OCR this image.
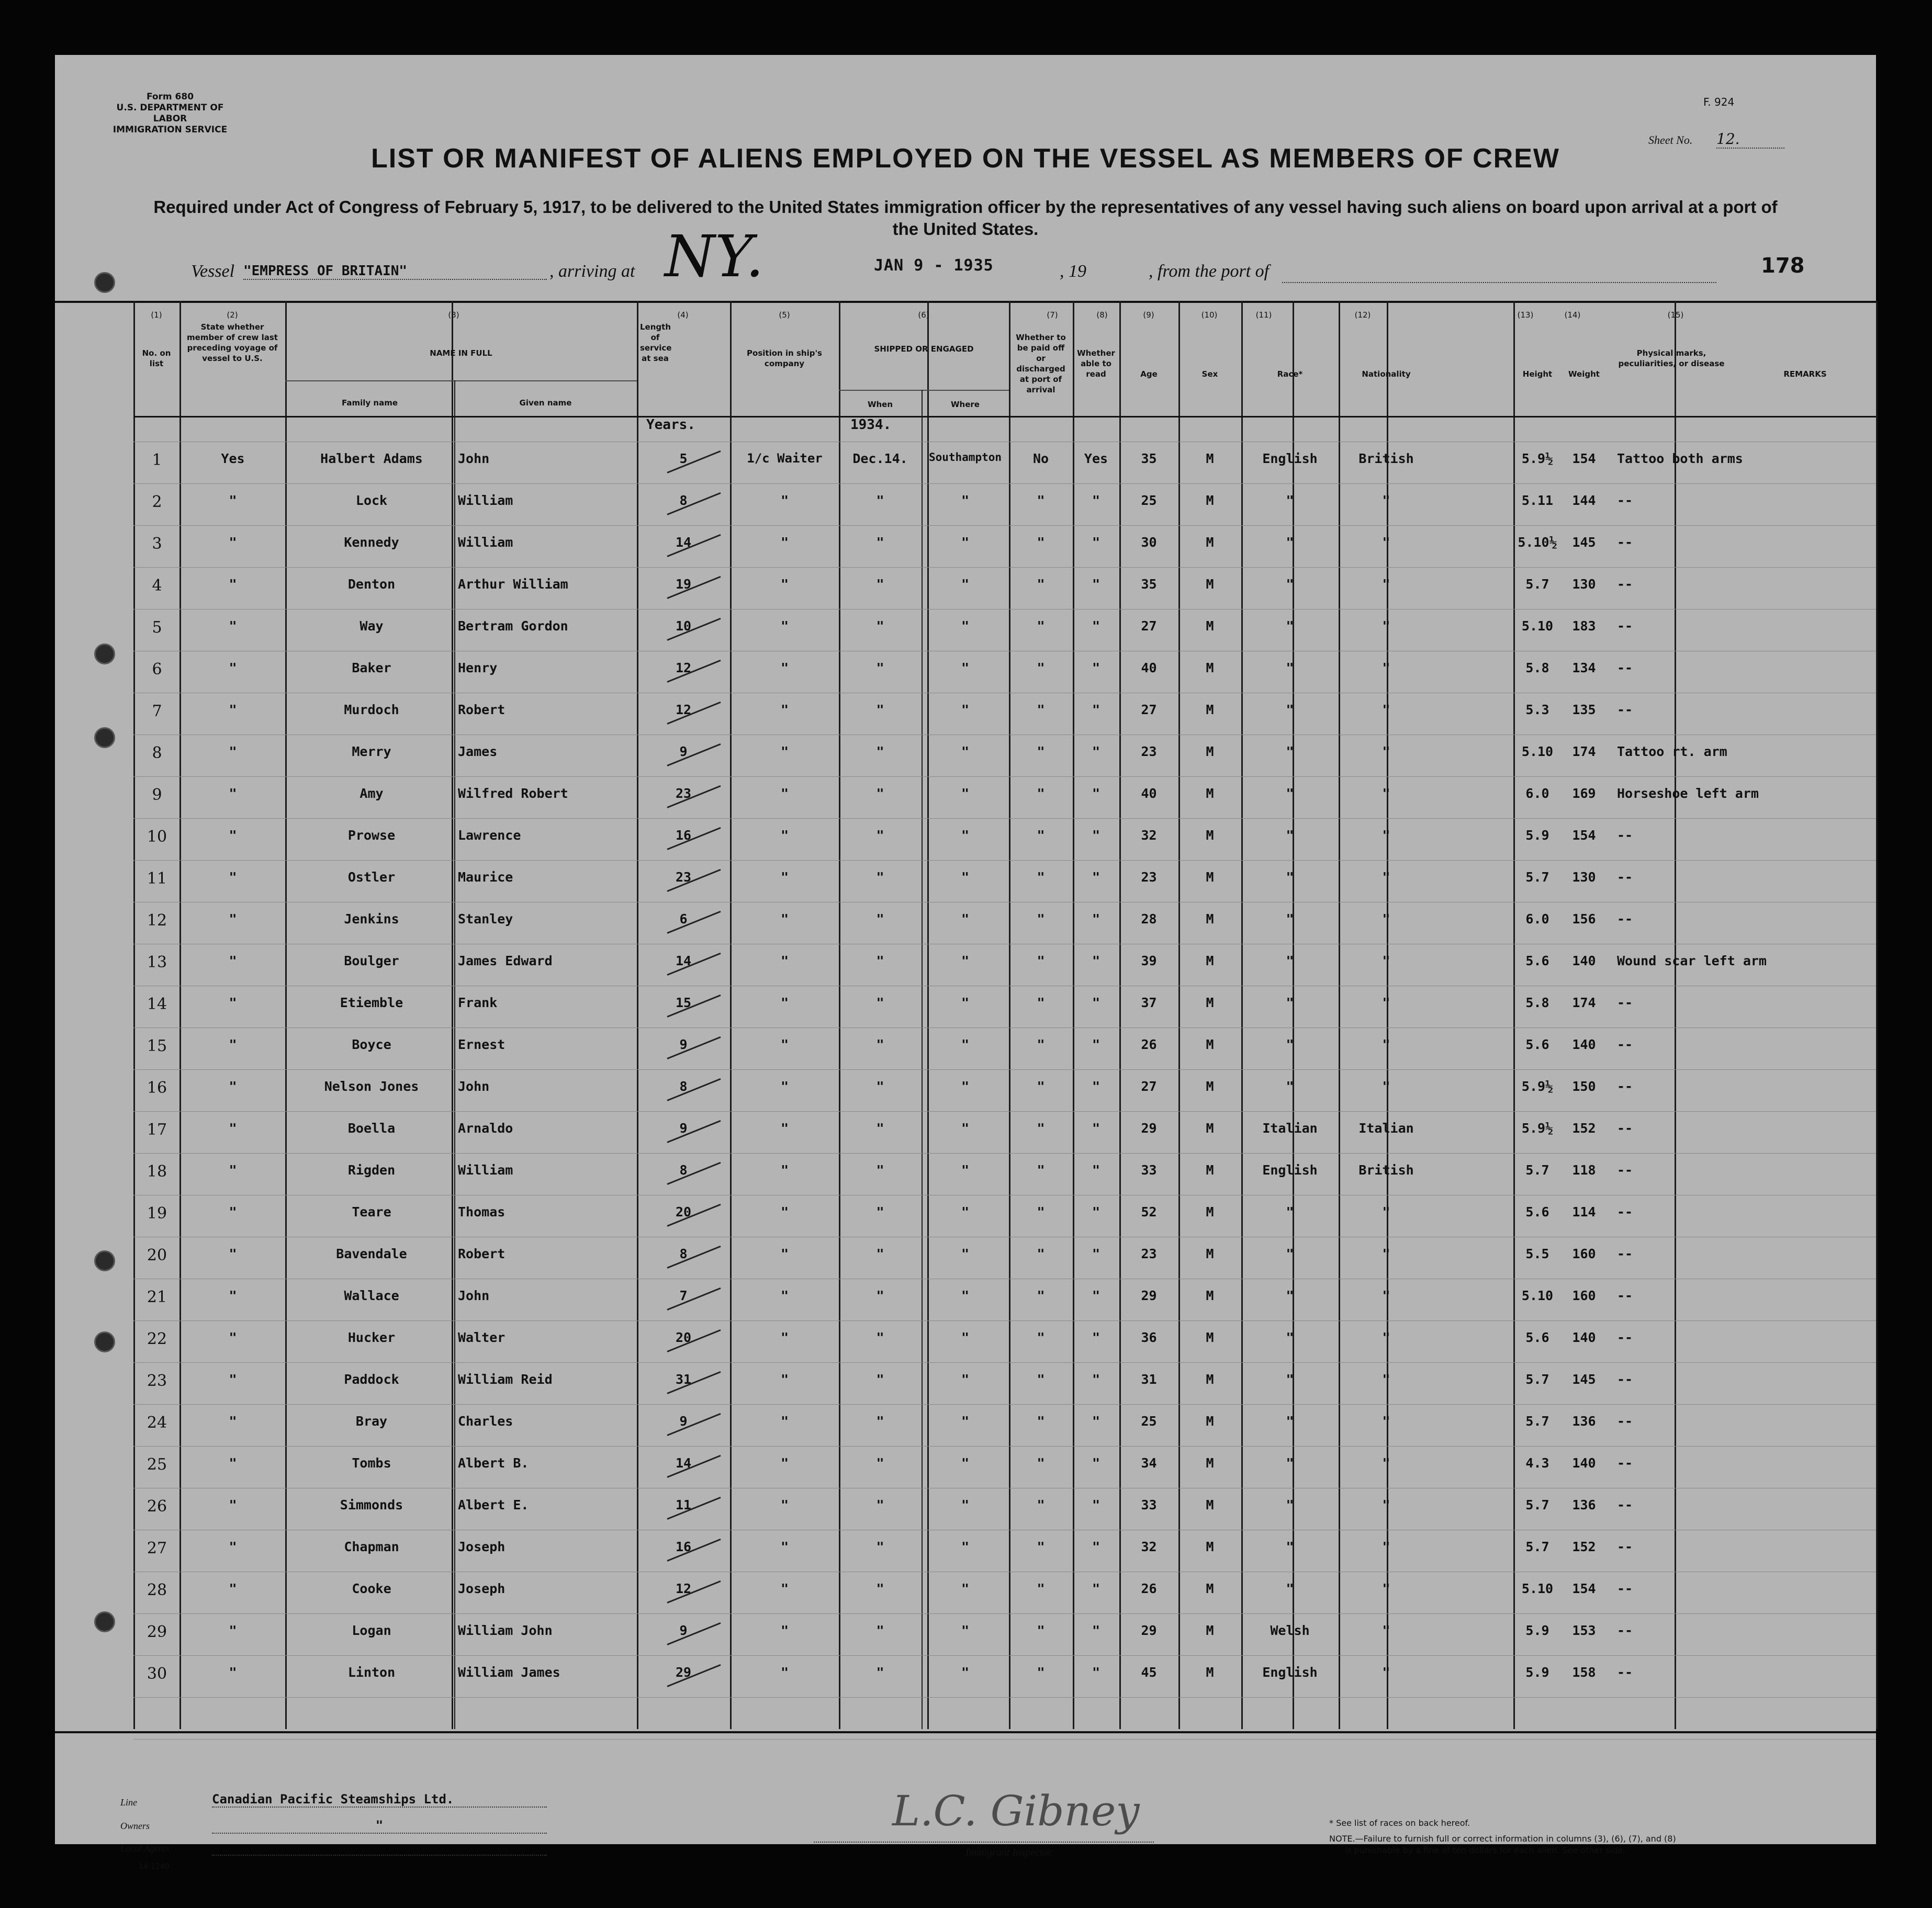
Form 680
U.S. DEPARTMENT OF LABOR
IMMIGRATION SERVICE
F. 924
Sheet No. 12.
LIST OR MANIFEST OF ALIENS EMPLOYED ON THE VESSEL AS MEMBERS OF CREW
Required under Act of Congress of February 5, 1917, to be delivered to the United States immigration officer by the representatives of any vessel having such aliens on board upon arrival at a port of the United States.
Vessel "EMPRESS OF BRITAIN"	, arriving at NY.	JAN 9 - 1935	, 19	, from the port of	178
Line	Canadian Pacific Steamships Ltd.
Owners	"
Local Agents
14-1240
L.C. Gibney
Immigrant Inspector.
* See list of races on back hereof.
NOTE.—Failure to furnish full or correct information in columns (3), (6), (7), and (8)
is punishable by a fine of ten dollars for each alien. See other side.
(1)	(2)	(3)	(4)	(5)	(6)	(7)	(8)	(9)	(10)	(11)	(12)	(13)	(14)	(15)
No. on list
State whether member of crew last preceding voyage of vessel to U.S.
NAME IN FULL
Length of service at sea
Position in ship's company
SHIPPED OR ENGAGED
Whether to be paid off or discharged at port of arrival
Whether able to read	Age	Sex	Race*	Nationality	Height	Weight
Physical marks, peculiarities, or disease
REMARKS
Family name	Given name	When	Where
Years.	1934.
1	Yes	Halbert Adams	John	5	1/c Waiter	Dec.14.	Southampton	No	Yes	35	M	English	British	5.9½	154	Tattoo both arms
2	"	Lock	William	8	"	"	"	"	"	25	M	"	"	5.11	144	--
3	"	Kennedy	William	14	"	"	"	"	"	30	M	"	"	5.10½	145	--
4	"	Denton	Arthur William	19	"	"	"	"	"	35	M	"	"	5.7	130	--
5	"	Way	Bertram Gordon	10	"	"	"	"	"	27	M	"	"	5.10	183	--
6	"	Baker	Henry	12	"	"	"	"	"	40	M	"	"	5.8	134	--
7	"	Murdoch	Robert	12	"	"	"	"	"	27	M	"	"	5.3	135	--
8	"	Merry	James	9	"	"	"	"	"	23	M	"	"	5.10	174	Tattoo rt. arm
9	"	Amy	Wilfred Robert	23	"	"	"	"	"	40	M	"	"	6.0	169	Horseshoe left arm
10	"	Prowse	Lawrence	16	"	"	"	"	"	32	M	"	"	5.9	154	--
11	"	Ostler	Maurice	23	"	"	"	"	"	23	M	"	"	5.7	130	--
12	"	Jenkins	Stanley	6	"	"	"	"	"	28	M	"	"	6.0	156	--
13	"	Boulger	James Edward	14	"	"	"	"	"	39	M	"	"	5.6	140	Wound scar left arm
14	"	Etiemble	Frank	15	"	"	"	"	"	37	M	"	"	5.8	174	--
15	"	Boyce	Ernest	9	"	"	"	"	"	26	M	"	"	5.6	140	--
16	"	Nelson Jones	John	8	"	"	"	"	"	27	M	"	"	5.9½	150	--
17	"	Boella	Arnaldo	9	"	"	"	"	"	29	M	Italian	Italian	5.9½	152	--
18	"	Rigden	William	8	"	"	"	"	"	33	M	English	British	5.7	118	--
19	"	Teare	Thomas	20	"	"	"	"	"	52	M	"	"	5.6	114	--
20	"	Bavendale	Robert	8	"	"	"	"	"	23	M	"	"	5.5	160	--
21	"	Wallace	John	7	"	"	"	"	"	29	M	"	"	5.10	160	--
22	"	Hucker	Walter	20	"	"	"	"	"	36	M	"	"	5.6	140	--
23	"	Paddock	William Reid	31	"	"	"	"	"	31	M	"	"	5.7	145	--
24	"	Bray	Charles	9	"	"	"	"	"	25	M	"	"	5.7	136	--
25	"	Tombs	Albert B.	14	"	"	"	"	"	34	M	"	"	4.3	140	--
26	"	Simmonds	Albert E.	11	"	"	"	"	"	33	M	"	"	5.7	136	--
27	"	Chapman	Joseph	16	"	"	"	"	"	32	M	"	"	5.7	152	--
28	"	Cooke	Joseph	12	"	"	"	"	"	26	M	"	"	5.10	154	--
29	"	Logan	William John	9	"	"	"	"	"	29	M	Welsh	"	5.9	153	--
30	"	Linton	William James	29	"	"	"	"	"	45	M	English	"	5.9	158	--
